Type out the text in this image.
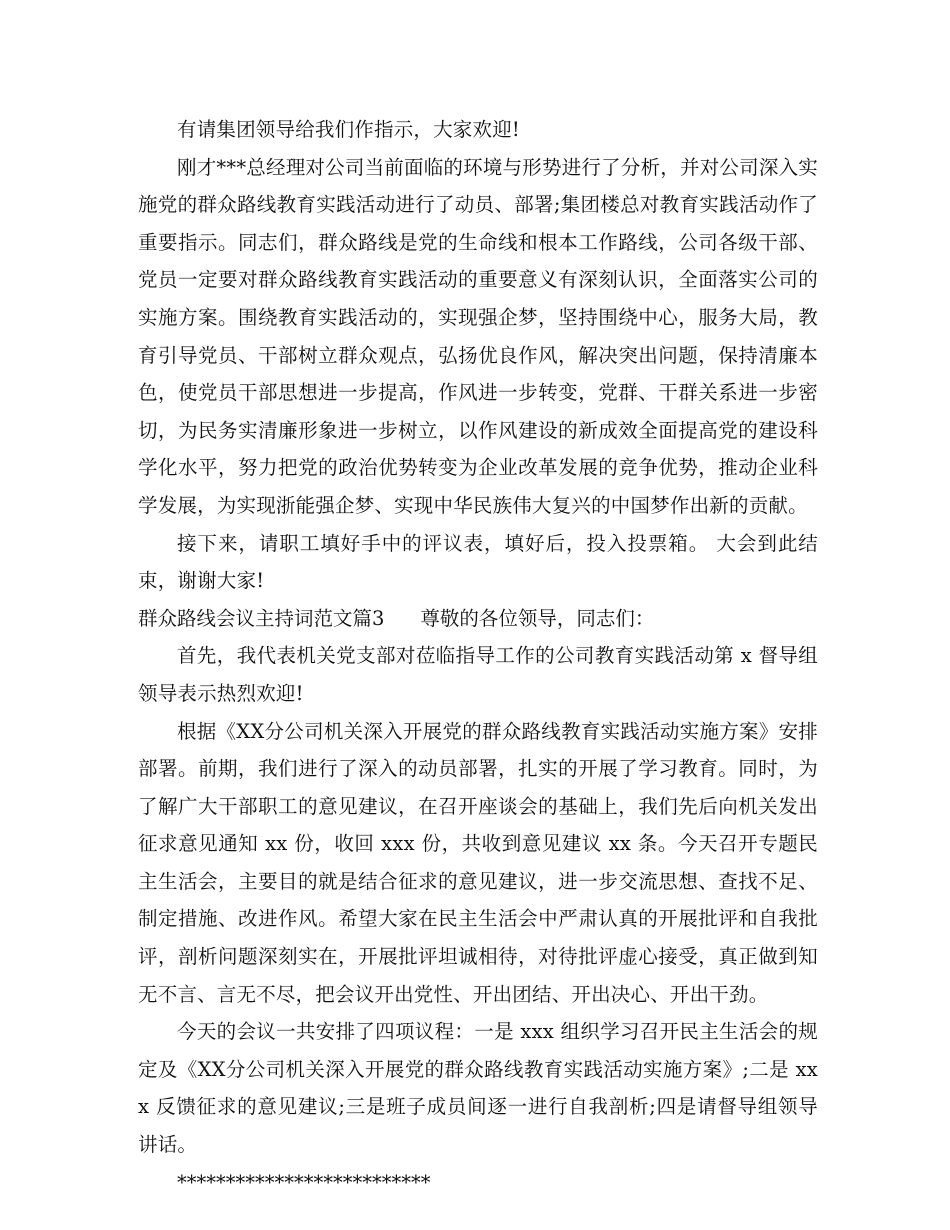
有请集团领导给我们作指示，大家欢迎!

刚才***总经理对公司当前面临的环境与形势进行了分析，并对公司深入实施党的群众路线教育实践活动进行了动员、部署;集团楼总对教育实践活动作了重要指示。同志们，群众路线是党的生命线和根本工作路线，公司各级干部、党员一定要对群众路线教育实践活动的重要意义有深刻认识，全面落实公司的实施方案。围绕教育实践活动的，实现强企梦，坚持围绕中心，服务大局，教育引导党员、干部树立群众观点，弘扬优良作风，解决突出问题，保持清廉本色，使党员干部思想进一步提高，作风进一步转变，党群、干群关系进一步密切，为民务实清廉形象进一步树立，以作风建设的新成效全面提高党的建设科学化水平，努力把党的政治优势转变为企业改革发展的竞争优势，推动企业科学发展，为实现浙能强企梦、实现中华民族伟大复兴的中国梦作出新的贡献。

接下来，请职工填好手中的评议表，填好后，投入投票箱。 大会到此结束，谢谢大家!

群众路线会议主持词范文篇3 尊敬的各位领导，同志们：

首先，我代表机关党支部对莅临指导工作的公司教育实践活动第 x 督导组领导表示热烈欢迎!

根据《XX分公司机关深入开展党的群众路线教育实践活动实施方案》安排部署。前期，我们进行了深入的动员部署，扎实的开展了学习教育。同时，为了解广大干部职工的意见建议，在召开座谈会的基础上，我们先后向机关发出征求意见通知 xx 份，收回 xxx 份，共收到意见建议 xx 条。今天召开专题民主生活会，主要目的就是结合征求的意见建议，进一步交流思想、查找不足、制定措施、改进作风。希望大家在民主生活会中严肃认真的开展批评和自我批评，剖析问题深刻实在，开展批评坦诚相待，对待批评虚心接受，真正做到知无不言、言无不尽，把会议开出党性、开出团结、开出决心、开出干劲。

今天的会议一共安排了四项议程：一是 xxx 组织学习召开民主生活会的规定及《XX分公司机关深入开展党的群众路线教育实践活动实施方案》;二是 xxx 反馈征求的意见建议;三是班子成员间逐一进行自我剖析;四是请督导组领导讲话。

**************************
